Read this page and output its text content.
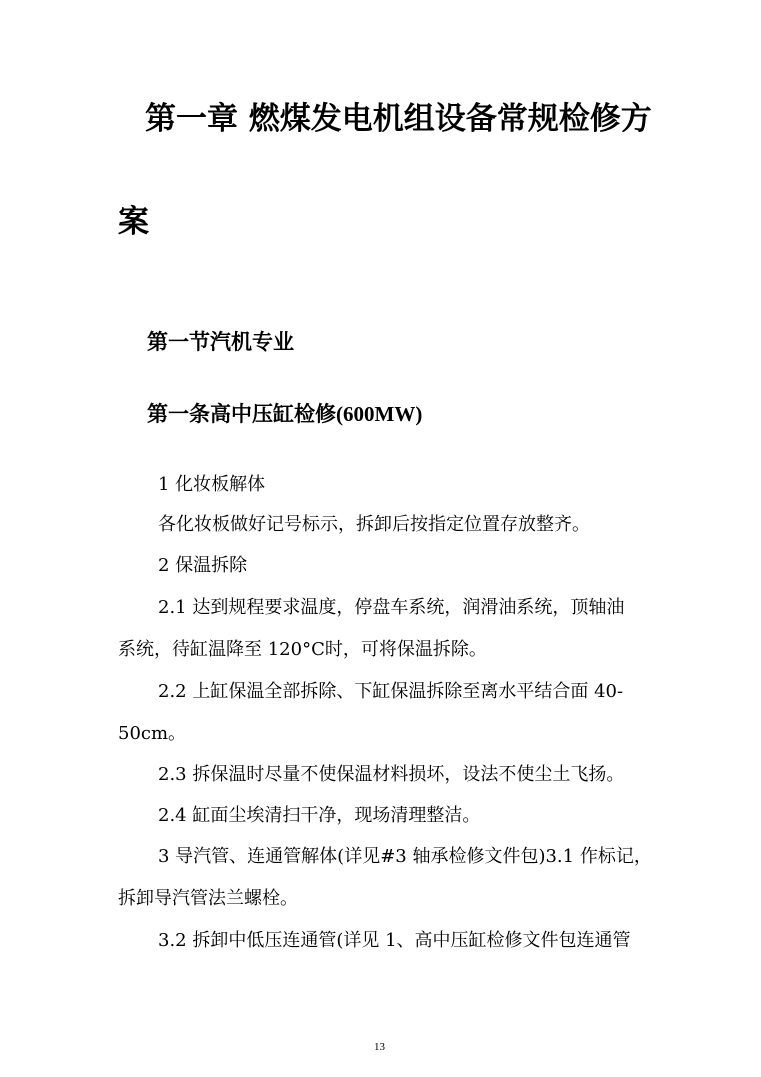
第一章 燃煤发电机组设备常规检修方
案
第一节汽机专业
第一条高中压缸检修(600MW)
1 化妆板解体
各化妆板做好记号标示，拆卸后按指定位置存放整齐。
2 保温拆除
2.1 达到规程要求温度，停盘车系统，润滑油系统，顶轴油
系统，待缸温降至 120°C时，可将保温拆除。
2.2 上缸保温全部拆除、下缸保温拆除至离水平结合面 40-
50cm。
2.3 拆保温时尽量不使保温材料损坏，设法不使尘土飞扬。
2.4 缸面尘埃清扫干净，现场清理整洁。
3 导汽管、连通管解体(详见#3 轴承检修文件包)3.1 作标记，
拆卸导汽管法兰螺栓。
3.2 拆卸中低压连通管(详见 1、高中压缸检修文件包连通管
13
